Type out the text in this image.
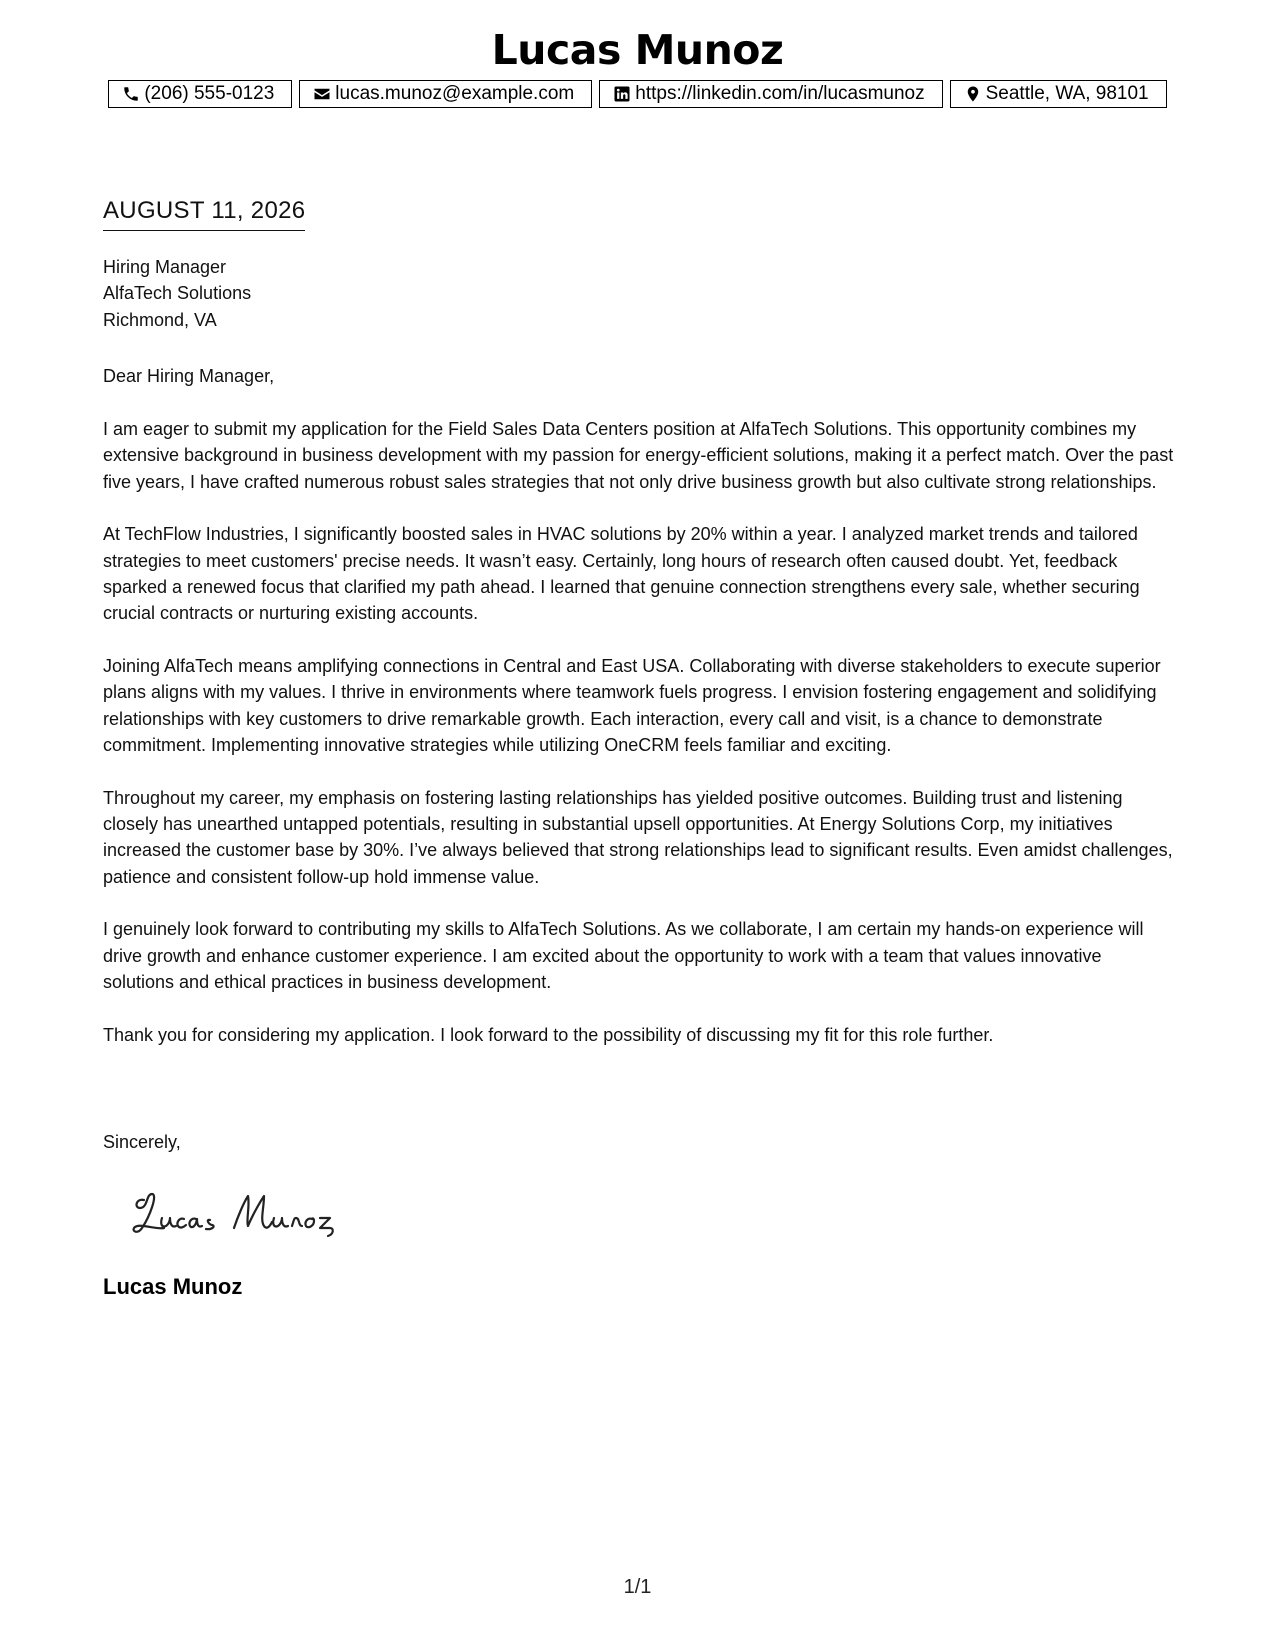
Lucas Munoz
(206) 555-0123	lucas.munoz@example.com	https://linkedin.com/in/lucasmunoz	Seattle, WA, 98101
AUGUST 11, 2026
Hiring Manager
AlfaTech Solutions
Richmond, VA
Dear Hiring Manager,

I am eager to submit my application for the Field Sales Data Centers position at AlfaTech Solutions. This opportunity combines my extensive background in business development with my passion for energy-efficient solutions, making it a perfect match. Over the past five years, I have crafted numerous robust sales strategies that not only drive business growth but also cultivate strong relationships.

At TechFlow Industries, I significantly boosted sales in HVAC solutions by 20% within a year. I analyzed market trends and tailored strategies to meet customers' precise needs. It wasn’t easy. Certainly, long hours of research often caused doubt. Yet, feedback sparked a renewed focus that clarified my path ahead. I learned that genuine connection strengthens every sale, whether securing crucial contracts or nurturing existing accounts.

Joining AlfaTech means amplifying connections in Central and East USA. Collaborating with diverse stakeholders to execute superior plans aligns with my values. I thrive in environments where teamwork fuels progress. I envision fostering engagement and solidifying relationships with key customers to drive remarkable growth. Each interaction, every call and visit, is a chance to demonstrate commitment. Implementing innovative strategies while utilizing OneCRM feels familiar and exciting.

Throughout my career, my emphasis on fostering lasting relationships has yielded positive outcomes. Building trust and listening closely has unearthed untapped potentials, resulting in substantial upsell opportunities. At Energy Solutions Corp, my initiatives increased the customer base by 30%. I’ve always believed that strong relationships lead to significant results. Even amidst challenges, patience and consistent follow-up hold immense value.

I genuinely look forward to contributing my skills to AlfaTech Solutions. As we collaborate, I am certain my hands-on experience will drive growth and enhance customer experience. I am excited about the opportunity to work with a team that values innovative solutions and ethical practices in business development.

Thank you for considering my application. I look forward to the possibility of discussing my fit for this role further.

Sincerely,
Lucas Munoz
1/1
